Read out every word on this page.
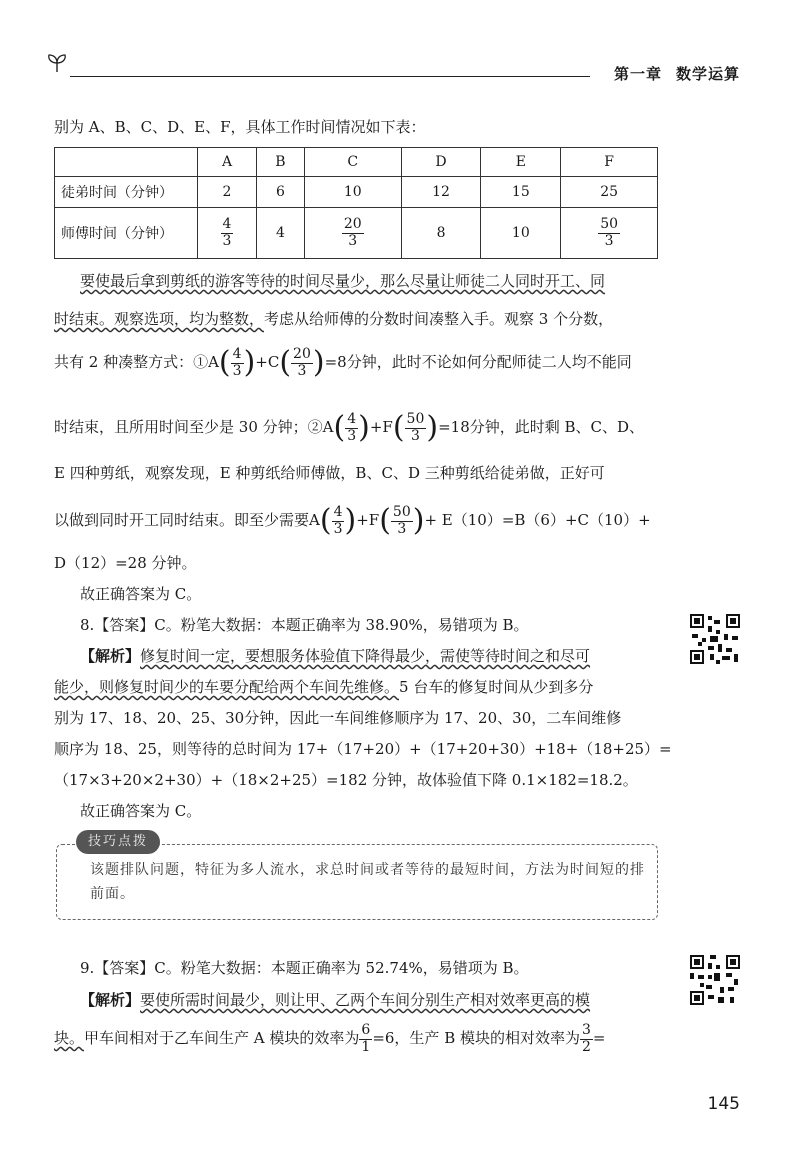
第一章 数学运算
别为 A、B、C、D、E、F，具体工作时间情况如下表：
	A	B	C	D	E	F
徒弟时间（分钟）	2	6	10	12	15	25
师傅时间（分钟）	$\frac{4}{3}$	4	$\frac{20}{3}$	8	10	$\frac{50}{3}$
要使最后拿到剪纸的游客等待的时间尽量少，那么尽量让师徒二人同时开工、同
时结束。观察选项，均为整数，考虑从给师傅的分数时间凑整入手。观察 3 个分数，
共有 2 种凑整方式：①A( $\frac{4}{3} )+C( \frac{20}{3} )=8$分钟，此时不论如何分配师徒二人均不能同
时结束，且所用时间至少是 30 分钟；②A( $\frac{4}{3} )+F( \frac{50}{3} )=18$分钟，此时剩 B、C、D、
E 四种剪纸，观察发现，E 种剪纸给师傅做，B、C、D 三种剪纸给徒弟做，正好可
以做到同时开工同时结束。即至少需要$A( \frac{4}{3} )+F( \frac{50}{3}$ )+ E（10）=B（6）+C（10）+
D（12）=28 分钟。
故正确答案为 C。
8.【答案】C。粉笔大数据：本题正确率为 38.90%，易错项为 B。
【解析】修复时间一定，要想服务体验值下降得最少，需使等待时间之和尽可
能少，则修复时间少的车要分配给两个车间先维修。5 台车的修复时间从少到多分
别为 17、18、20、25、30分钟，因此一车间维修顺序为 17、20、30，二车间维修
顺序为 18、25，则等待的总时间为 17+（17+20）+（17+20+30）+18+（18+25）=
（17×3+20×2+30）+（18×2+25）=182 分钟，故体验值下降 0.1×182=18.2。
故正确答案为 C。
技巧点拨
该题排队问题，特征为多人流水，求总时间或者等待的最短时间，方法为时间短的排前面。
9.【答案】C。粉笔大数据：本题正确率为 52.74%，易错项为 B。
【解析】要使所需时间最少，则让甲、乙两个车间分别生产相对效率更高的模
块。甲车间相对于乙车间生产 A 模块的效率为 $\frac{6}{1} =6$，生产 B 模块的相对效率为 $\frac{3}{2}$ =
145
